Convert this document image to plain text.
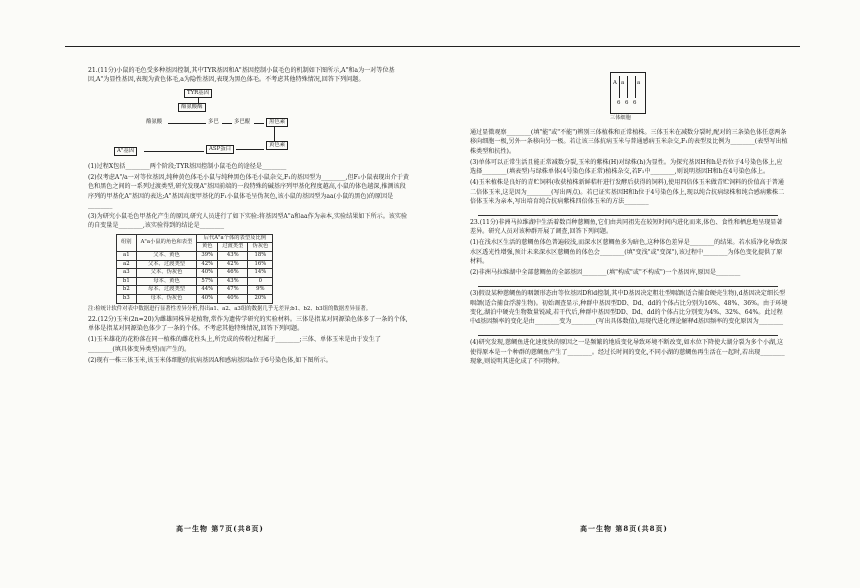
21.(11分)小鼠的毛色受多种基因控制,其中TYR基因和A"基因控制小鼠毛色的机制如下图所示,A"和a为一对等位基因,A"为显性基因,表现为黄色体毛,a为隐性基因,表现为黑色体毛。不考虑其他特殊情况,回答下列问题。

TYR基因
酪氨酸酶
酪氨酸	多巴	多巴醌	黑色素
黄色素
A"基因	ASP蛋白

(1)过程X包括________两个阶段;TYR基因控制小鼠毛色的途径是________

(2)仅考虑A"/a一对等位基因,纯种黄色体毛小鼠与纯种黑色体毛小鼠杂交,F₁的基因型为________,但F₁小鼠表现出介于黄色和黑色之间的一系列过渡类型,研究发现A"基因前端的一段特殊的碱基序列甲基化程度越高,小鼠的体色越深,推测该段序列的甲基化A"基因的表达;A"基因高度甲基化的F₁小鼠体毛呈伪灰色,该小鼠的基因型为aa(小鼠的黑色)的原因是________

(3)为研究小鼠毛色甲基化产生的原因,研究人员进行了如下实验:将基因型A"a和aa作为亲本,实验结果如下所示。该实验的自变量是________,该实验得到的结论是________

组别	A"a小鼠的角色和表型	后代A"a个体的表型及比例		
		黄色	过渡类型	伪灰色
a1	父本、黄色	39%	43%	18%
a2	父本、过渡类型	42%	42%	16%
a3	父本、伪灰色	40%	46%	14%
b1	母本、黄色	57%	43%	0
b2	母本、过渡类型	44%	47%	9%
b3	母本、伪灰色	40%	40%	20%

注:检统计软件对表中数据进行显著性差异分析,得出a1、a2、a3组的数据几乎无差异;b1、b2、b3组的数据差异显著。

22.(12分)玉米(2n=20)为雌雄同株异花植物,常作为遗传学研究的实验材料。三体是指某对同源染色体多了一条的个体,单体是指某对同源染色体少了一条的个体。不考虑其他特殊情况,回答下列问题。

(1)玉米雄花的花粉落在同一植株的雌花柱头上,所完成的传粉过程属于________;三体、单体玉米是由于发生了________(填具体变异类型)而产生的。

(2)现有一株三体玉米,该玉米体细胞的抗病基因A和感病基因a位于6号染色体,如下图所示。

高一生物 第7页(共8页)
A a a
6 6 6
三体细胞

通过显微观察________(填"能"或"不能")辨别三体植株和正常植株。三体玉米在减数分裂时,配对的三条染色体任意两条移向细胞一极,另外一条移向另一极。若让该三体抗病玉米与普通感病玉米杂交,F₁的表型及比例为________(表型写出植株类型和抗性)。

(3)单体可以正常生活且能正常减数分裂,玉米的紫株(H)对绿株(h)为显性。为探究基因H和h是否位于4号染色体上,应选择________(填表型)与绿株单体(4号染色体正常)植株杂交,若F₁中________,则说明基因H和h在4号染色体上。

(4)玉米植株是良好的青贮饲料(收获植株新鲜秸秆进行发酵后获得的饲料),使用四倍体玉米做青贮饲料的价值高于普通二倍体玉米,这是因为________(写出两点)。若已证实基因H和h位于4号染色体上,现以纯合抗病绿株和纯合感病紫株二倍体玉米为亲本,写出培育纯合抗病紫株四倍体玉米的方法________

23.(11分)非洲马拉维湖中生活着数百种慈鲷鱼,它们由共同祖先在较短时间内进化而来,体色、食性和栖息地呈现显著差异。研究人员对该种群开展了调查,回答下列问题。

(1)在浅水区生活的慈鲷鱼体色普遍较浅,而深水区慈鲷鱼多为暗色,这种体色差异是________的结果。若水质净化导致深水区透光性增强,预计未来深水区慈鲷鱼的体色会________(填"变浅"或"变深"),该过程中________为体色变化提供了原材料。

(2)非洲马拉维湖中全部慈鲷鱼的全部基因________(填"构成"或"不构成")一个基因库,原因是________

(3)假设某种慈鲷鱼的咽颌形态由等位基因D和d控制,其中D基因决定粗壮型咽颌(适合捕食硬壳生物),d基因决定细长型咽颌(适合捕食浮游生物)。初始调查显示,种群中基因型DD、Dd、dd的个体占比分别为16%、48%、36%。由于环境变化,湖泊中硬壳生物数量锐减,若干代后,种群中基因型DD、Dd、dd的个体占比分别变为4%、32%、64%。此过程中d基因频率的变化是由________变为________(写出具体数值),用现代进化理论解释d基因频率的变化原因为________

(4)研究发现,慈鲷鱼进化速度快的原因之一是频繁的地质变化导致环境不断改变,如水位下降使大湖分裂为多个小湖,这使得原本是一个种群的慈鲷鱼产生了________。经过长时间的变化,不同小湖的慈鲷鱼再生活在一起时,若出现________现象,则说明其进化成了不同物种。

高一生物 第8页(共8页)
